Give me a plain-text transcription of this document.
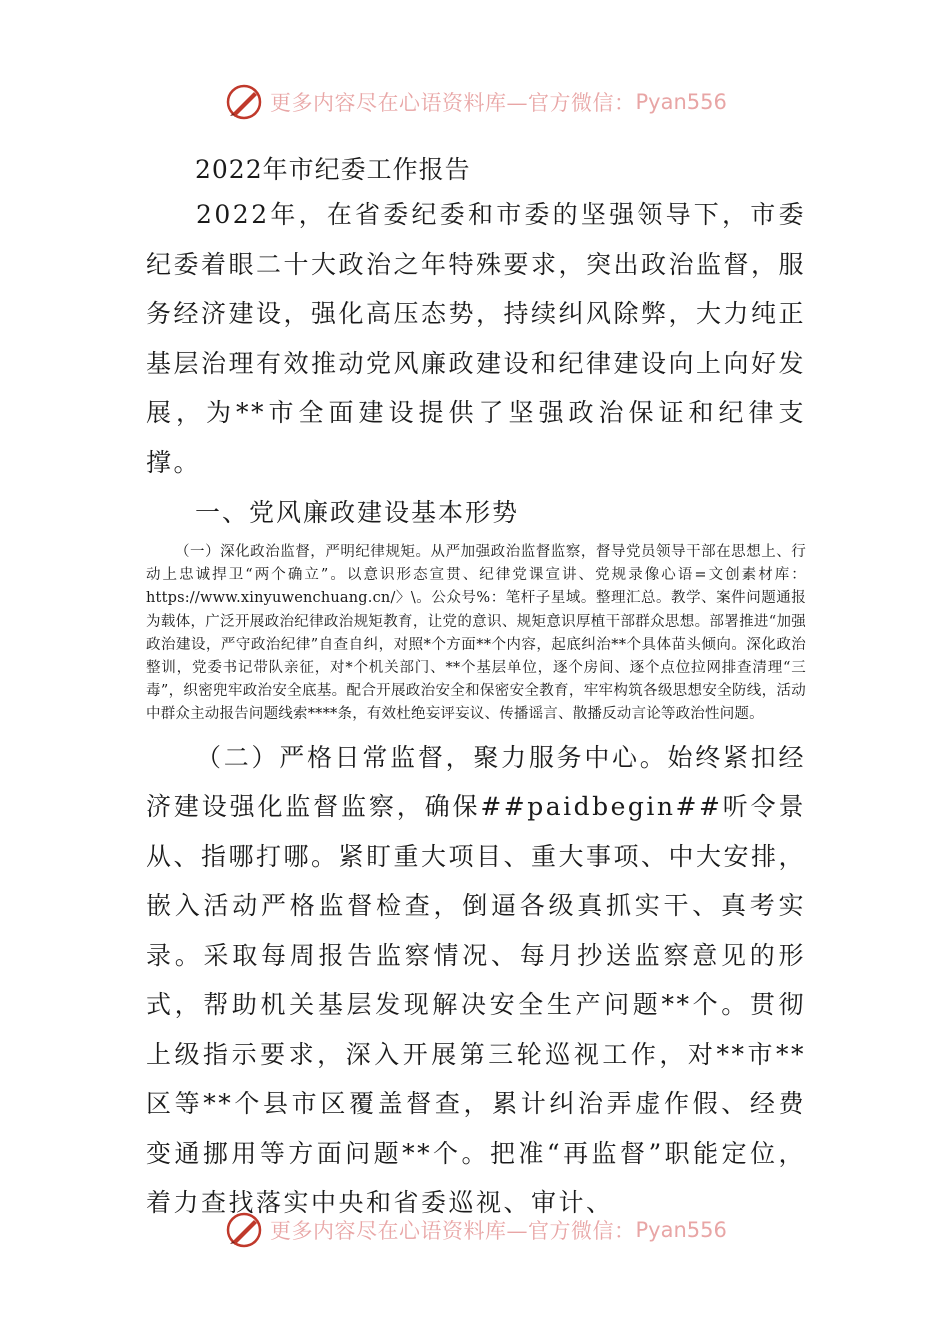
更多内容尽在心语资料库—官方微信： Pyan556
2022年市纪委工作报告

2022年，在省委纪委和市委的坚强领导下，市委纪委着眼二十大政治之年特殊要求，突出政治监督，服务经济建设，强化高压态势，持续纠风除弊，大力纯正基层治理有效推动党风廉政建设和纪律建设向上向好发展，为**市全面建设提供了坚强政治保证和纪律支撑。

一、党风廉政建设基本形势

（一）深化政治监督，严明纪律规矩。从严加强政治监督监察，督导党员领导干部在思想上、行动上忠诚捍卫“两个确立”。以意识形态宣贯、纪律党课宣讲、党规录像心语=文创素材库：https://www.xinyuwenchuang.cn/〉\。公众号%：笔杆子星域。整理汇总。教学、案件问题通报为载体，广泛开展政治纪律政治规矩教育，让党的意识、规矩意识厚植干部群众思想。部署推进“加强政治建设，严守政治纪律”自查自纠，对照*个方面**个内容，起底纠治**个具体苗头倾向。深化政治整训，党委书记带队亲征，对*个机关部门、**个基层单位，逐个房间、逐个点位拉网排查清理“三毒”，织密兜牢政治安全底基。配合开展政治安全和保密安全教育，牢牢构筑各级思想安全防线，活动中群众主动报告问题线索****条，有效杜绝妄评妄议、传播谣言、散播反动言论等政治性问题。

（二）严格日常监督，聚力服务中心。始终紧扣经济建设强化监督监察，确保##paidbegin##听令景从、指哪打哪。紧盯重大项目、重大事项、中大安排，嵌入活动严格监督检查，倒逼各级真抓实干、真考实录。采取每周报告监察情况、每月抄送监察意见的形式，帮助机关基层发现解决安全生产问题**个。贯彻上级指示要求，深入开展第三轮巡视工作，对**市**区等**个县市区覆盖督查，累计纠治弄虚作假、经费变通挪用等方面问题**个。把准“再监督”职能定位，着力查找落实中央和省委巡视、审计、

更多内容尽在心语资料库—官方微信： Pyan556
